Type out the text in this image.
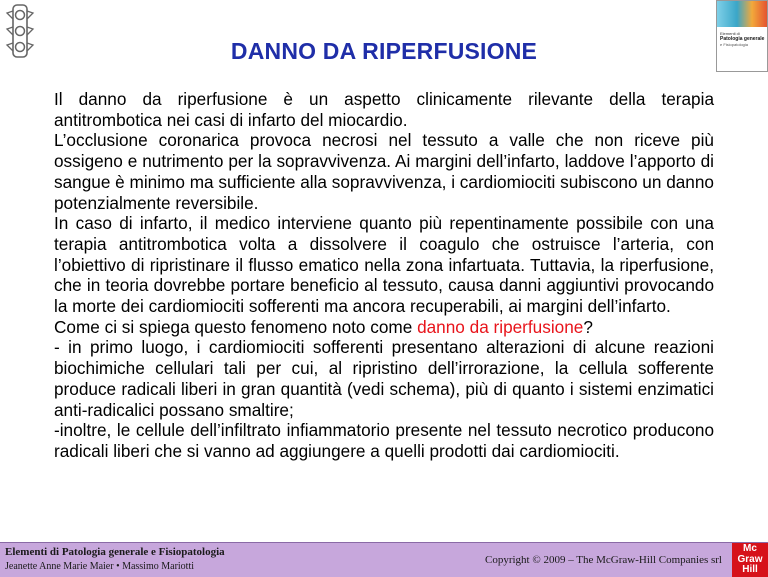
Elementi di
Patologia generale
e Fisiopatologia
DANNO DA RIPERFUSIONE

Il danno da riperfusione è un aspetto clinicamente rilevante della terapia antitrombotica nei casi di infarto del miocardio.

L’occlusione coronarica provoca necrosi nel tessuto a valle che non riceve più ossigeno e nutrimento per la sopravvivenza. Ai margini dell’infarto, laddove l’apporto di sangue è minimo ma sufficiente alla sopravvivenza, i cardiomiociti subiscono un danno potenzialmente reversibile.

In caso di infarto, il medico interviene quanto più repentinamente possibile con una terapia antitrombotica volta a dissolvere il coagulo che ostruisce l’arteria, con l’obiettivo di ripristinare il flusso ematico nella zona infartuata. Tuttavia, la riperfusione, che in teoria dovrebbe portare beneficio al tessuto, causa danni aggiuntivi provocando la morte dei cardiomiociti sofferenti ma ancora recuperabili, ai margini dell’infarto.

Come ci si spiega questo fenomeno noto come danno da riperfusione?

- in primo luogo, i cardiomiociti sofferenti presentano alterazioni di alcune reazioni biochimiche cellulari tali per cui, al ripristino dell’irrorazione, la cellula sofferente produce radicali liberi in gran quantità (vedi schema), più di quanto i sistemi enzimatici anti-radicalici possano smaltire;

-inoltre, le cellule dell’infiltrato infiammatorio presente nel tessuto necrotico producono radicali liberi che si vanno ad aggiungere a quelli prodotti dai cardiomiociti.

Elementi di Patologia generale e Fisiopatologia
Jeanette Anne Marie Maier • Massimo Mariotti
Copyright © 2009 – The McGraw-Hill Companies srl
Mc
Graw
Hill
